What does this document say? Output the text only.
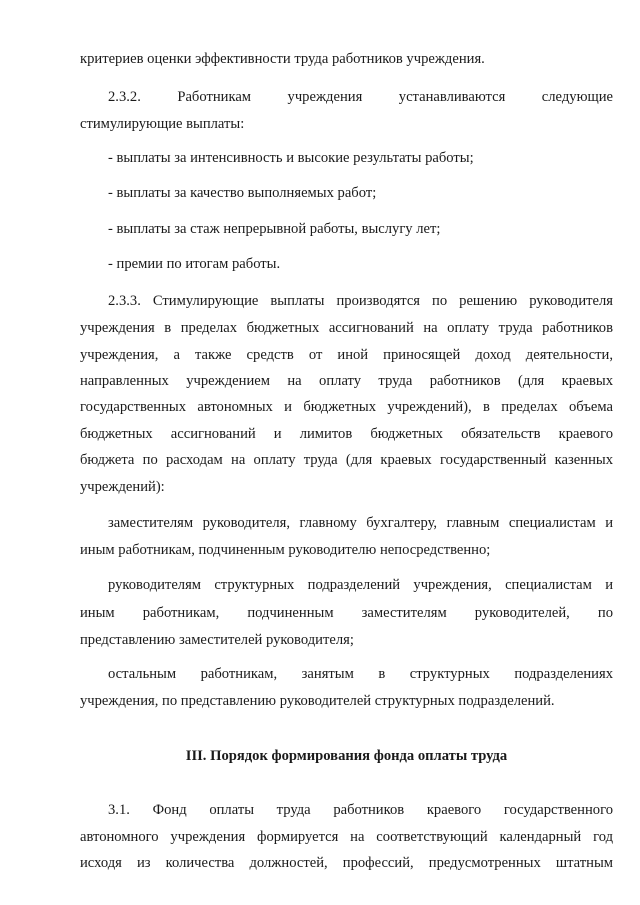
критериев оценки эффективности труда работников учреждения.
2.3.2.       Работникам       учреждения       устанавливаются       следующие
стимулирующие выплаты:
- выплаты за интенсивность и высокие результаты работы;
- выплаты за качество выполняемых работ;
- выплаты за стаж непрерывной работы, выслугу лет;
- премии по итогам работы.
2.3.3. Стимулирующие выплаты производятся по решению руководителя
учреждения в пределах бюджетных ассигнований на оплату труда работников
учреждения, а также средств от иной приносящей доход деятельности,
направленных учреждением на оплату труда работников (для краевых
государственных автономных и бюджетных учреждений), в пределах объема
бюджетных ассигнований и лимитов бюджетных обязательств краевого
бюджета по расходам на оплату труда (для краевых государственный казенных
учреждений):
заместителям руководителя, главному бухгалтеру, главным специалистам и
иным работникам, подчиненным руководителю непосредственно;
руководителям структурных подразделений учреждения, специалистам и
иным работникам, подчиненным заместителям руководителей, по
представлению заместителей руководителя;
остальным работникам, занятым в структурных подразделениях
учреждения, по представлению руководителей структурных подразделений.
III. Порядок формирования фонда оплаты труда
3.1. Фонд оплаты труда работников краевого государственного
автономного учреждения формируется на соответствующий календарный год
исходя из количества должностей, профессий, предусмотренных штатным
